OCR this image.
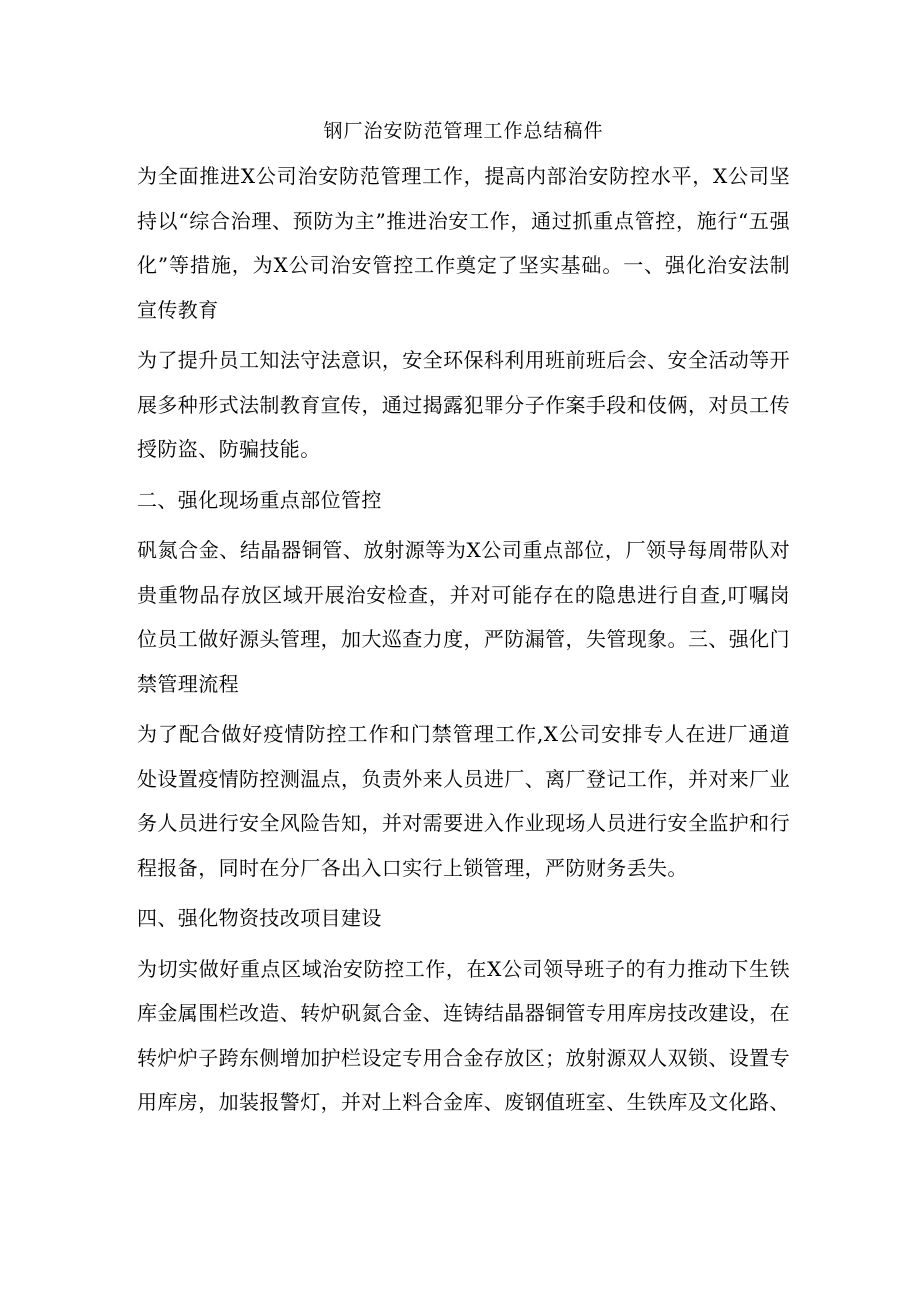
钢厂治安防范管理工作总结稿件

为全面推进X公司治安防范管理工作，提高内部治安防控水平，X公司坚持以“综合治理、预防为主”推进治安工作，通过抓重点管控，施行“五强化”等措施，为X公司治安管控工作奠定了坚实基础。一、强化治安法制宣传教育

为了提升员工知法守法意识，安全环保科利用班前班后会、安全活动等开展多种形式法制教育宣传，通过揭露犯罪分子作案手段和伎俩，对员工传授防盗、防骗技能。

二、强化现场重点部位管控

矾氮合金、结晶器铜管、放射源等为X公司重点部位，厂领导每周带队对贵重物品存放区域开展治安检查，并对可能存在的隐患进行自查,叮嘱岗位员工做好源头管理，加大巡查力度，严防漏管，失管现象。三、强化门禁管理流程

为了配合做好疫情防控工作和门禁管理工作,X公司安排专人在进厂通道处设置疫情防控测温点，负责外来人员进厂、离厂登记工作，并对来厂业务人员进行安全风险告知，并对需要进入作业现场人员进行安全监护和行程报备，同时在分厂各出入口实行上锁管理，严防财务丢失。

四、强化物资技改项目建设

为切实做好重点区域治安防控工作，在X公司领导班子的有力推动下生铁库金属围栏改造、转炉矾氮合金、连铸结晶器铜管专用库房技改建设，在转炉炉子跨东侧增加护栏设定专用合金存放区；放射源双人双锁、设置专用库房，加装报警灯，并对上料合金库、废钢值班室、生铁库及文化路、
